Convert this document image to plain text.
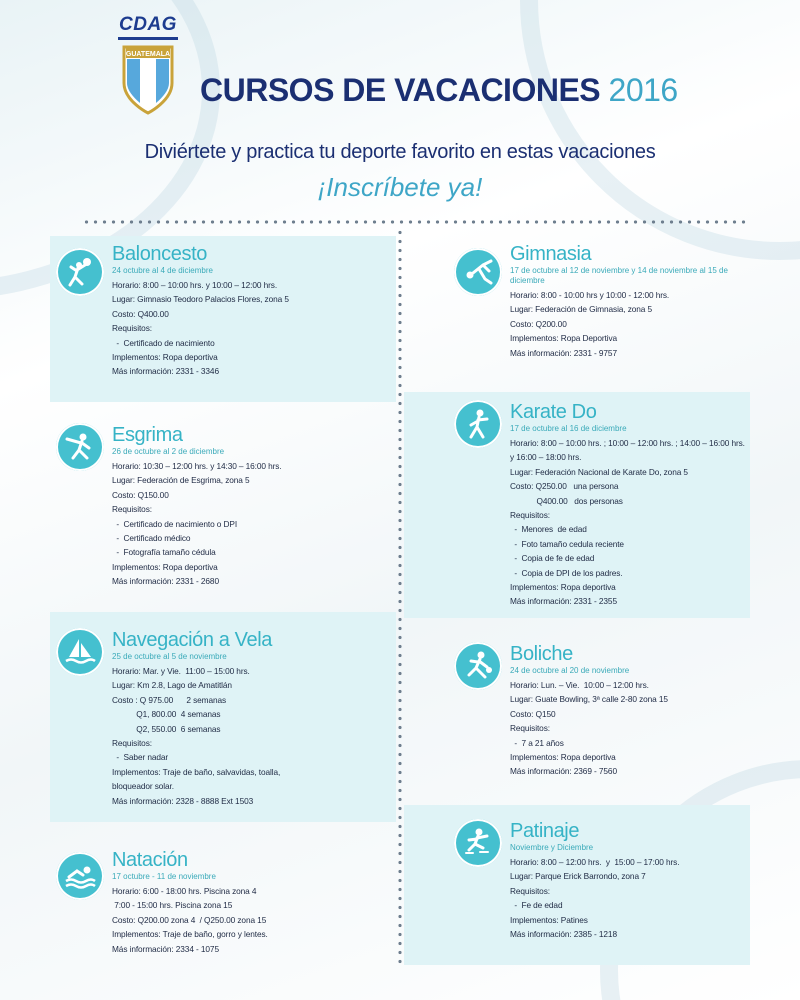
CDAG
GUATEMALA
CURSOS DE VACACIONES 2016
Diviértete y practica tu deporte favorito en estas vacaciones
¡Inscríbete ya!
Baloncesto
24 octubre al 4 de diciembre
Horario: 8:00 – 10:00 hrs. y 10:00 – 12:00 hrs.
Lugar: Gimnasio Teodoro Palacios Flores, zona 5
Costo: Q400.00
Requisitos:
-  Certificado de nacimiento
Implementos: Ropa deportiva
Más información: 2331 - 3346
Gimnasia
17 de octubre al 12 de noviembre y 14 de noviembre al 15 de diciembre
Horario: 8:00 - 10:00 hrs y 10:00 - 12:00 hrs.
Lugar: Federación de Gimnasia, zona 5
Costo: Q200.00
Implementos: Ropa Deportiva
Más información: 2331 - 9757
Esgrima
26 de octubre al 2 de diciembre
Horario: 10:30 – 12:00 hrs. y 14:30 – 16:00 hrs.
Lugar: Federación de Esgrima, zona 5
Costo: Q150.00
Requisitos:
-  Certificado de nacimiento o DPI
-  Certificado médico
-  Fotografía tamaño cédula
Implementos: Ropa deportiva
Más información: 2331 - 2680
Karate Do
17 de octubre al 16 de diciembre
Horario: 8:00 – 10:00 hrs. ; 10:00 – 12:00 hrs. ; 14:00 – 16:00 hrs.
y 16:00 – 18:00 hrs.
Lugar: Federación Nacional de Karate Do, zona 5
Costo: Q250.00   una persona
Q400.00   dos personas
Requisitos:
-  Menores  de edad
-  Foto tamaño cedula reciente
-  Copia de fe de edad
-  Copia de DPI de los padres.
Implementos: Ropa deportiva
Más información: 2331 - 2355
Navegación a Vela
25 de octubre al 5 de noviembre
Horario: Mar. y Vie.  11:00 – 15:00 hrs.
Lugar: Km 2.8, Lago de Amatitlán
Costo : Q 975.00      2 semanas
Q1, 800.00  4 semanas
Q2, 550.00  6 semanas
Requisitos:
-  Saber nadar
Implementos: Traje de baño, salvavidas, toalla,
bloqueador solar.
Más información: 2328 - 8888 Ext 1503
Boliche
24 de octubre al 20 de noviembre
Horario: Lun. – Vie.  10:00 – 12:00 hrs.
Lugar: Guate Bowling, 3ª calle 2-80 zona 15
Costo: Q150
Requisitos:
-  7 a 21 años
Implementos: Ropa deportiva
Más información: 2369 - 7560
Natación
17 octubre - 11 de noviembre
Horario: 6:00 - 18:00 hrs. Piscina zona 4
7:00 - 15:00 hrs. Piscina zona 15
Costo: Q200.00 zona 4  / Q250.00 zona 15
Implementos: Traje de baño, gorro y lentes.
Más información: 2334 - 1075
Patinaje
Noviembre y Diciembre
Horario: 8:00 – 12:00 hrs.  y  15:00 – 17:00 hrs.
Lugar: Parque Erick Barrondo, zona 7
Requisitos:
-  Fe de edad
Implementos: Patines
Más información: 2385 - 1218
